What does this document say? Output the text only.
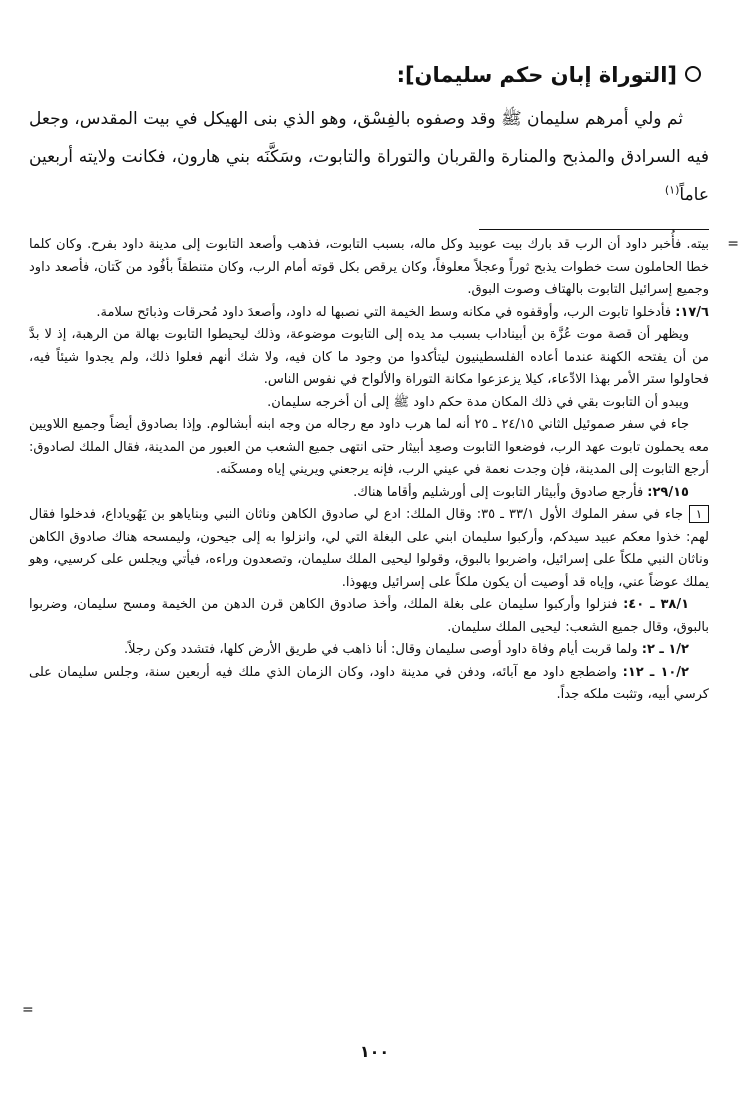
[التوراة إبان حكم سليمان]:

ثم ولي أمرهم سليمان ﷺ وقد وصفوه بالفِسْق، وهو الذي بنى الهيكل في بيت المقدس، وجعل فيه السرادق والمذبح والمنارة والقربان والتوراة والتابوت، وسَكَّنَه بني هارون، فكانت ولايته أربعين عاماً$^{(١)}$

=

بيته. فأُخبر داود أن الرب قد بارك بيت عوبيد وكل ماله، بسبب التابوت، فذهب وأصعد التابوت إلى مدينة داود بفرح. وكان كلما خطا الحاملون ست خطوات يذبح ثوراً وعجلاً معلوفاً، وكان يرقص بكل قوته أمام الرب، وكان متنطقاً بأفُود من كَتان، فأصعد داود وجميع إسرائيل التابوت بالهتاف وصوت البوق.

١٧/٦: فأدخلوا تابوت الرب، وأوقفوه في مكانه وسط الخيمة التي نصبها له داود، وأصعدَ داود مُحرقات وذبائح سلامة.

ويظهر أن قصة موت عُزَّة بن أبيناداب بسبب مد يده إلى التابوت موضوعة، وذلك ليحيطوا التابوت بهالة من الرهبة، إذ لا بدَّ من أن يفتحه الكهنة عندما أعاده الفلسطينيون ليتأكدوا من وجود ما كان فيه، ولا شك أنهم فعلوا ذلك، ولم يجدوا شيئاً فيه، فحاولوا ستر الأمر بهذا الادِّعاء، كيلا يزعزعوا مكانة التوراة والألواح في نفوس الناس.

ويبدو أن التابوت بقي في ذلك المكان مدة حكم داود ﷺ إلى أن أخرجه سليمان.

جاء في سفر صموئيل الثاني ٢٤/١٥ ـ ٢٥ أنه لما هرب داود مع رجاله من وجه ابنه أبشالوم. وإذا بصادوق أيضاً وجميع اللاويين معه يحملون تابوت عهد الرب، فوضعوا التابوت وصعِد أبيثار حتى انتهى جميع الشعب من العبور من المدينة، فقال الملك لصادوق: أرجع التابوت إلى المدينة، فإن وجدت نعمة في عيني الرب، فإنه يرجعني ويريني إياه ومسكَنه.

٢٩/١٥: فأرجع صادوق وأبيثار التابوت إلى أورشليم وأقاما هناك.

١جاء في سفر الملوك الأول ٣٣/١ ـ ٣٥: وقال الملك: ادع لي صادوق الكاهن وناثان النبي وبناياهو بن يَهُوياداع، فدخلوا فقال لهم: خذوا معكم عبيد سيدكم، وأركبوا سليمان ابني على البغلة التي لي، وانزلوا به إلى جيحون، وليمسحه هناك صادوق الكاهن وناثان النبي ملكاً على إسرائيل، واضربوا بالبوق، وقولوا ليحيى الملك سليمان، وتصعدون وراءه، فيأتي ويجلس على كرسيي، وهو يملك عوضاً عني، وإياه قد أوصيت أن يكون ملكاً على إسرائيل ويهوذا.

٣٨/١ ـ ٤٠: فنزلوا وأركبوا سليمان على بغلة الملك، وأخذ صادوق الكاهن قرن الدهن من الخيمة ومسح سليمان، وضربوا بالبوق، وقال جميع الشعب: ليحيى الملك سليمان.

١/٢ ـ ٢: ولما قربت أيام وفاة داود أوصى سليمان وقال: أنا ذاهب في طريق الأرض كلها، فتشدد وكن رجلاً.

١٠/٢ ـ ١٢: واضطجع داود مع آبائه، ودفن في مدينة داود، وكان الزمان الذي ملك فيه أربعين سنة، وجلس سليمان على كرسي أبيه، وتثبت ملكه جداً.

=
١٠٠
